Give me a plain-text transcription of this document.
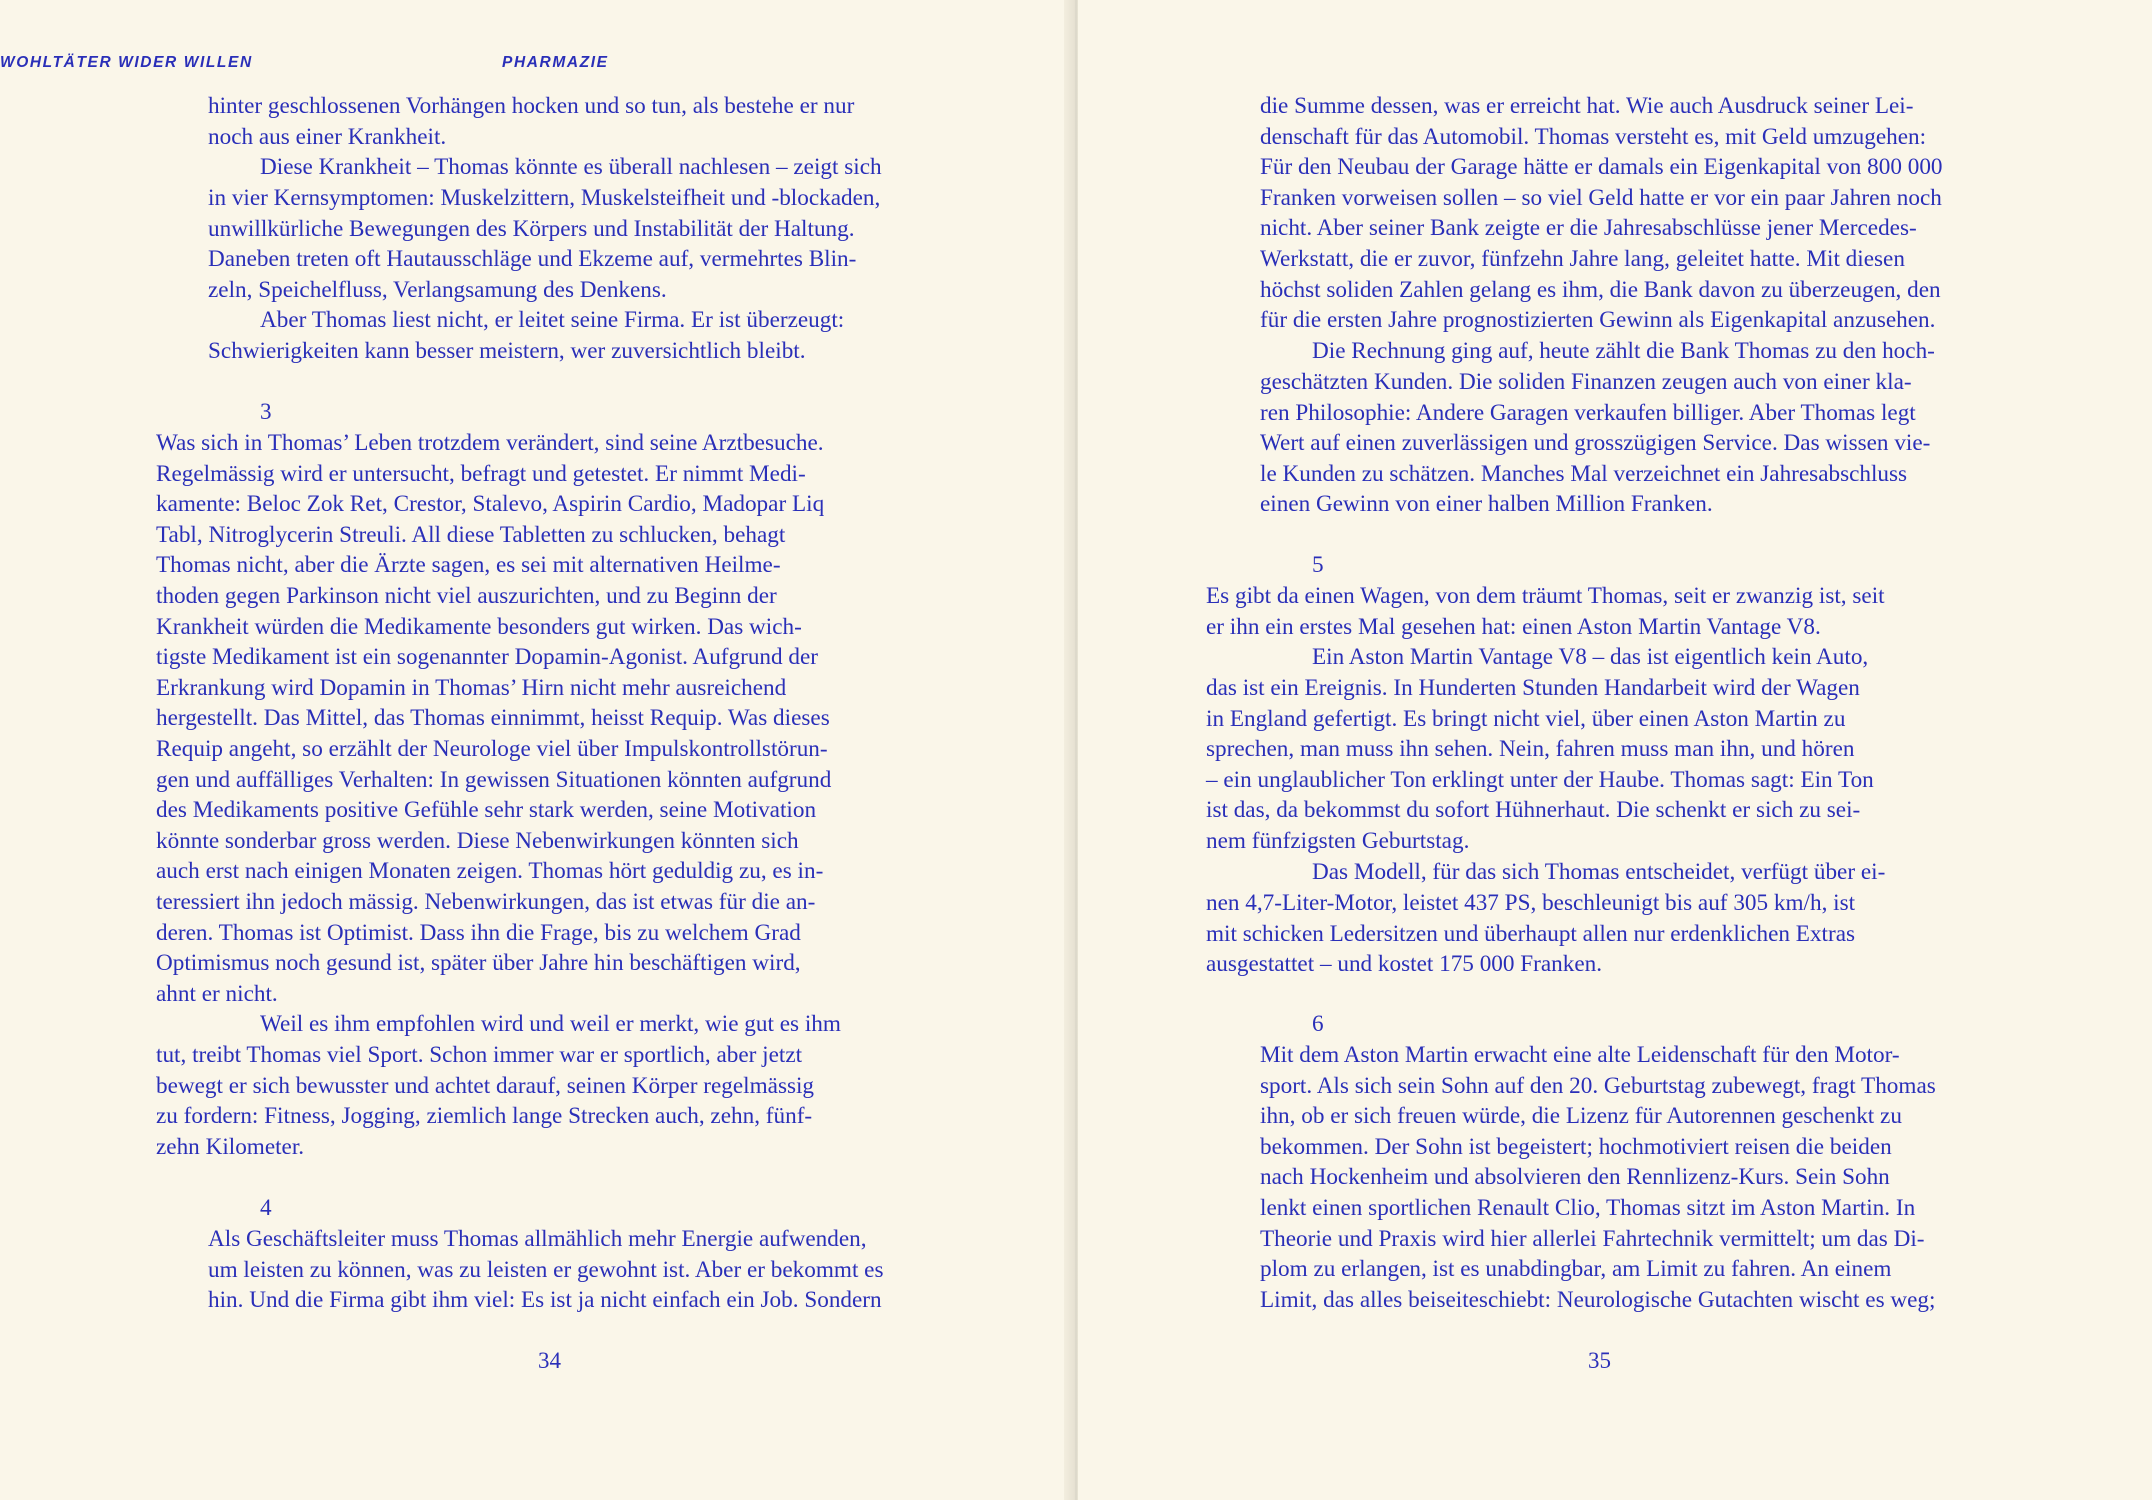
PHARMAZIE
hinter geschlossenen Vorhängen hocken und so tun, als bestehe er nur
noch aus einer Krankheit.
Diese Krankheit – Thomas könnte es überall nachlesen – zeigt sich
in vier Kernsymptomen: Muskelzittern, Muskelsteifheit und -blockaden,
unwillkürliche Bewegungen des Körpers und Instabilität der Haltung.
Daneben treten oft Hautausschläge und Ekzeme auf, vermehrtes Blin-
zeln, Speichelfluss, Verlangsamung des Denkens.
Aber Thomas liest nicht, er leitet seine Firma. Er ist überzeugt:
Schwierigkeiten kann besser meistern, wer zuversichtlich bleibt.
3
Was sich in Thomas’ Leben trotzdem verändert, sind seine Arztbesuche.
Regelmässig wird er untersucht, befragt und getestet. Er nimmt Medi-
kamente: Beloc Zok Ret, Crestor, Stalevo, Aspirin Cardio, Madopar Liq
Tabl, Nitroglycerin Streuli. All diese Tabletten zu schlucken, behagt
Thomas nicht, aber die Ärzte sagen, es sei mit alternativen Heilme-
thoden gegen Parkinson nicht viel auszurichten, und zu Beginn der
Krankheit würden die Medikamente besonders gut wirken. Das wich-
tigste Medikament ist ein sogenannter Dopamin-Agonist. Aufgrund der
Erkrankung wird Dopamin in Thomas’ Hirn nicht mehr ausreichend
hergestellt. Das Mittel, das Thomas einnimmt, heisst Requip. Was dieses
Requip angeht, so erzählt der Neurologe viel über Impulskontrollstörun-
gen und auffälliges Verhalten: In gewissen Situationen könnten aufgrund
des Medikaments positive Gefühle sehr stark werden, seine Motivation
könnte sonderbar gross werden. Diese Nebenwirkungen könnten sich
auch erst nach einigen Monaten zeigen. Thomas hört geduldig zu, es in-
teressiert ihn jedoch mässig. Nebenwirkungen, das ist etwas für die an-
deren. Thomas ist Optimist. Dass ihn die Frage, bis zu welchem Grad
Optimismus noch gesund ist, später über Jahre hin beschäftigen wird,
ahnt er nicht.
Weil es ihm empfohlen wird und weil er merkt, wie gut es ihm
tut, treibt Thomas viel Sport. Schon immer war er sportlich, aber jetzt
bewegt er sich bewusster und achtet darauf, seinen Körper regelmässig
zu fordern: Fitness, Jogging, ziemlich lange Strecken auch, zehn, fünf-
zehn Kilometer.
4
Als Geschäftsleiter muss Thomas allmählich mehr Energie aufwenden,
um leisten zu können, was zu leisten er gewohnt ist. Aber er bekommt es
hin. Und die Firma gibt ihm viel: Es ist ja nicht einfach ein Job. Sondern
34
WOHLTÄTER WIDER WILLEN
die Summe dessen, was er erreicht hat. Wie auch Ausdruck seiner Lei-
denschaft für das Automobil. Thomas versteht es, mit Geld umzugehen:
Für den Neubau der Garage hätte er damals ein Eigenkapital von 800 000
Franken vorweisen sollen – so viel Geld hatte er vor ein paar Jahren noch
nicht. Aber seiner Bank zeigte er die Jahresabschlüsse jener Mercedes-
Werkstatt, die er zuvor, fünfzehn Jahre lang, geleitet hatte. Mit diesen
höchst soliden Zahlen gelang es ihm, die Bank davon zu überzeugen, den
für die ersten Jahre prognostizierten Gewinn als Eigenkapital anzusehen.
Die Rechnung ging auf, heute zählt die Bank Thomas zu den hoch-
geschätzten Kunden. Die soliden Finanzen zeugen auch von einer kla-
ren Philosophie: Andere Garagen verkaufen billiger. Aber Thomas legt
Wert auf einen zuverlässigen und grosszügigen Service. Das wissen vie-
le Kunden zu schätzen. Manches Mal verzeichnet ein Jahresabschluss
einen Gewinn von einer halben Million Franken.
5
Es gibt da einen Wagen, von dem träumt Thomas, seit er zwanzig ist, seit
er ihn ein erstes Mal gesehen hat: einen Aston Martin Vantage V8.
Ein Aston Martin Vantage V8 – das ist eigentlich kein Auto,
das ist ein Ereignis. In Hunderten Stunden Handarbeit wird der Wagen
in England gefertigt. Es bringt nicht viel, über einen Aston Martin zu
sprechen, man muss ihn sehen. Nein, fahren muss man ihn, und hören
– ein unglaublicher Ton erklingt unter der Haube. Thomas sagt: Ein Ton
ist das, da bekommst du sofort Hühnerhaut. Die schenkt er sich zu sei-
nem fünfzigsten Geburtstag.
Das Modell, für das sich Thomas entscheidet, verfügt über ei-
nen 4,7-Liter-Motor, leistet 437 PS, beschleunigt bis auf 305 km/h, ist
mit schicken Ledersitzen und überhaupt allen nur erdenklichen Extras
ausgestattet – und kostet 175 000 Franken.
6
Mit dem Aston Martin erwacht eine alte Leidenschaft für den Motor-
sport. Als sich sein Sohn auf den 20. Geburtstag zubewegt, fragt Thomas
ihn, ob er sich freuen würde, die Lizenz für Autorennen geschenkt zu
bekommen. Der Sohn ist begeistert; hochmotiviert reisen die beiden
nach Hockenheim und absolvieren den Rennlizenz-Kurs. Sein Sohn
lenkt einen sportlichen Renault Clio, Thomas sitzt im Aston Martin. In
Theorie und Praxis wird hier allerlei Fahrtechnik vermittelt; um das Di-
plom zu erlangen, ist es unabdingbar, am Limit zu fahren. An einem
Limit, das alles beiseiteschiebt: Neurologische Gutachten wischt es weg;
35
